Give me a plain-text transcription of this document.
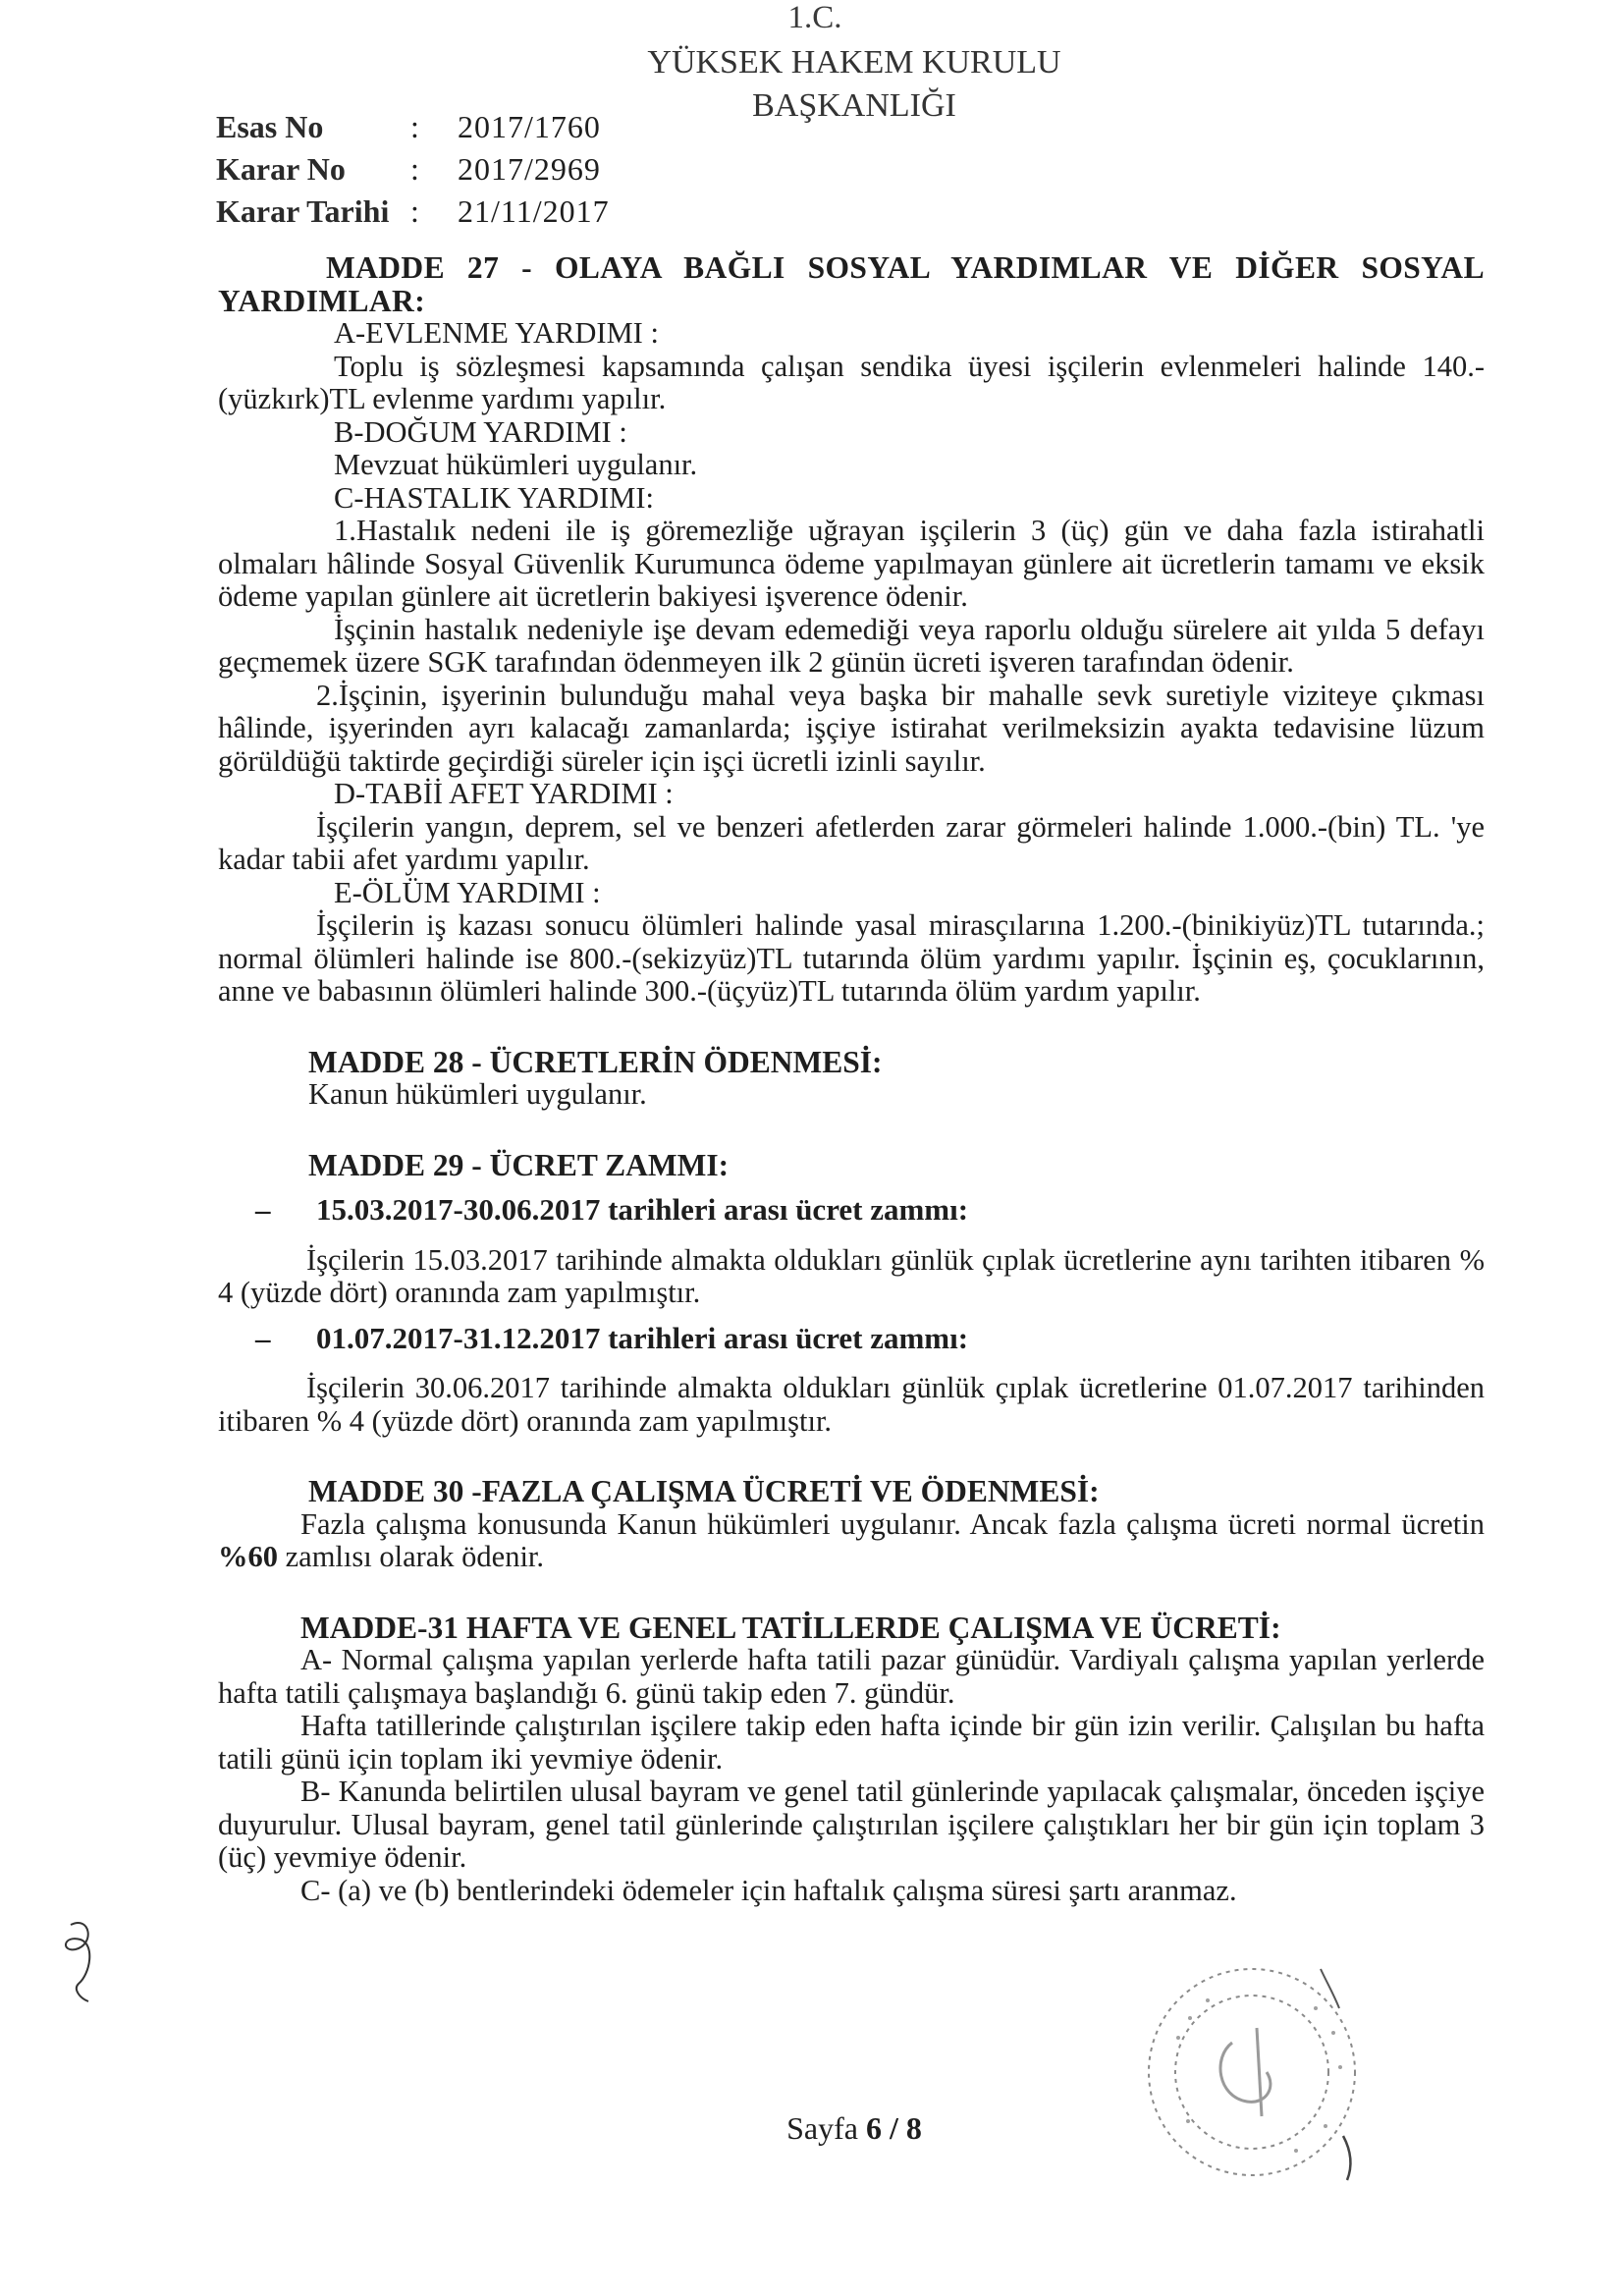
1.C.
YÜKSEK HAKEM KURULU
BAŞKANLIĞI
Esas No	:	2017/1760
Karar No	:	2017/2969
Karar Tarihi :	21/11/2017

MADDE 27 - OLAYA BAĞLI SOSYAL YARDIMLAR VE DİĞER SOSYAL YARDIMLAR:

A-EVLENME YARDIMI :

Toplu iş sözleşmesi kapsamında çalışan sendika üyesi işçilerin evlenmeleri halinde 140.-(yüzkırk)TL evlenme yardımı yapılır.

B-DOĞUM YARDIMI :

Mevzuat hükümleri uygulanır.

C-HASTALIK YARDIMI:

1.Hastalık nedeni ile iş göremezliğe uğrayan işçilerin 3 (üç) gün ve daha fazla istirahatli olmaları hâlinde Sosyal Güvenlik Kurumunca ödeme yapılmayan günlere ait ücretlerin tamamı ve eksik ödeme yapılan günlere ait ücretlerin bakiyesi işverence ödenir.

İşçinin hastalık nedeniyle işe devam edemediği veya raporlu olduğu sürelere ait yılda 5 defayı geçmemek üzere SGK tarafından ödenmeyen ilk 2 günün ücreti işveren tarafından ödenir.

2.İşçinin, işyerinin bulunduğu mahal veya başka bir mahalle sevk suretiyle viziteye çıkması hâlinde, işyerinden ayrı kalacağı zamanlarda; işçiye istirahat verilmeksizin ayakta tedavisine lüzum görüldüğü taktirde geçirdiği süreler için işçi ücretli izinli sayılır.

D-TABİİ AFET YARDIMI :

İşçilerin yangın, deprem, sel ve benzeri afetlerden zarar görmeleri halinde 1.000.-(bin) TL. 'ye kadar tabii afet yardımı yapılır.

E-ÖLÜM YARDIMI :

İşçilerin iş kazası sonucu ölümleri halinde yasal mirasçılarına 1.200.-(binikiyüz)TL tutarında.; normal ölümleri halinde ise 800.-(sekizyüz)TL tutarında ölüm yardımı yapılır. İşçinin eş, çocuklarının, anne ve babasının ölümleri halinde 300.-(üçyüz)TL tutarında ölüm yardım yapılır.

MADDE 28 - ÜCRETLERİN ÖDENMESİ:

Kanun hükümleri uygulanır.

MADDE 29 - ÜCRET ZAMMI:

–	15.03.2017-30.06.2017 tarihleri arası ücret zammı:

İşçilerin 15.03.2017 tarihinde almakta oldukları günlük çıplak ücretlerine aynı tarihten itibaren % 4 (yüzde dört) oranında zam yapılmıştır.

–	01.07.2017-31.12.2017 tarihleri arası ücret zammı:

İşçilerin 30.06.2017 tarihinde almakta oldukları günlük çıplak ücretlerine 01.07.2017 tarihinden itibaren % 4 (yüzde dört) oranında zam yapılmıştır.

MADDE 30 -FAZLA ÇALIŞMA ÜCRETİ VE ÖDENMESİ:

Fazla çalışma konusunda Kanun hükümleri uygulanır. Ancak fazla çalışma ücreti normal ücretin %60 zamlısı olarak ödenir.

MADDE-31 HAFTA VE GENEL TATİLLERDE ÇALIŞMA VE ÜCRETİ:

A- Normal çalışma yapılan yerlerde hafta tatili pazar günüdür. Vardiyalı çalışma yapılan yerlerde hafta tatili çalışmaya başlandığı 6. günü takip eden 7. gündür.

Hafta tatillerinde çalıştırılan işçilere takip eden hafta içinde bir gün izin verilir. Çalışılan bu hafta tatili günü için toplam iki yevmiye ödenir.

B- Kanunda belirtilen ulusal bayram ve genel tatil günlerinde yapılacak çalışmalar, önceden işçiye duyurulur. Ulusal bayram, genel tatil günlerinde çalıştırılan işçilere çalıştıkları her bir gün için toplam 3 (üç) yevmiye ödenir.

C- (a) ve (b) bentlerindeki ödemeler için haftalık çalışma süresi şartı aranmaz.

Sayfa 6 / 8
